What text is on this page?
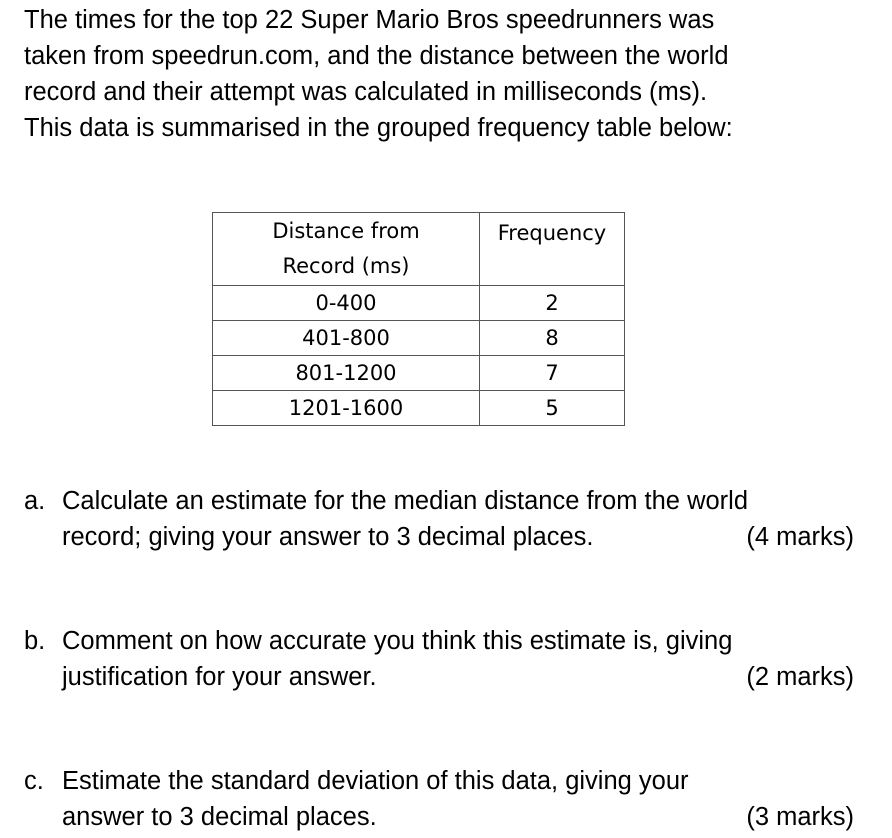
The times for the top 22 Super Mario Bros speedrunners was
taken from speedrun.com, and the distance between the world
record and their attempt was calculated in milliseconds (ms).
This data is summarised in the grouped frequency table below:
Distance from
Record (ms)	Frequency
0-400	2
401-800	8
801-1200	7
1201-1600	5
a. Calculate an estimate for the median distance from the world
record; giving your answer to 3 decimal places.	(4 marks)
b. Comment on how accurate you think this estimate is, giving
justification for your answer.	(2 marks)
c. Estimate the standard deviation of this data, giving your
answer to 3 decimal places.	(3 marks)
